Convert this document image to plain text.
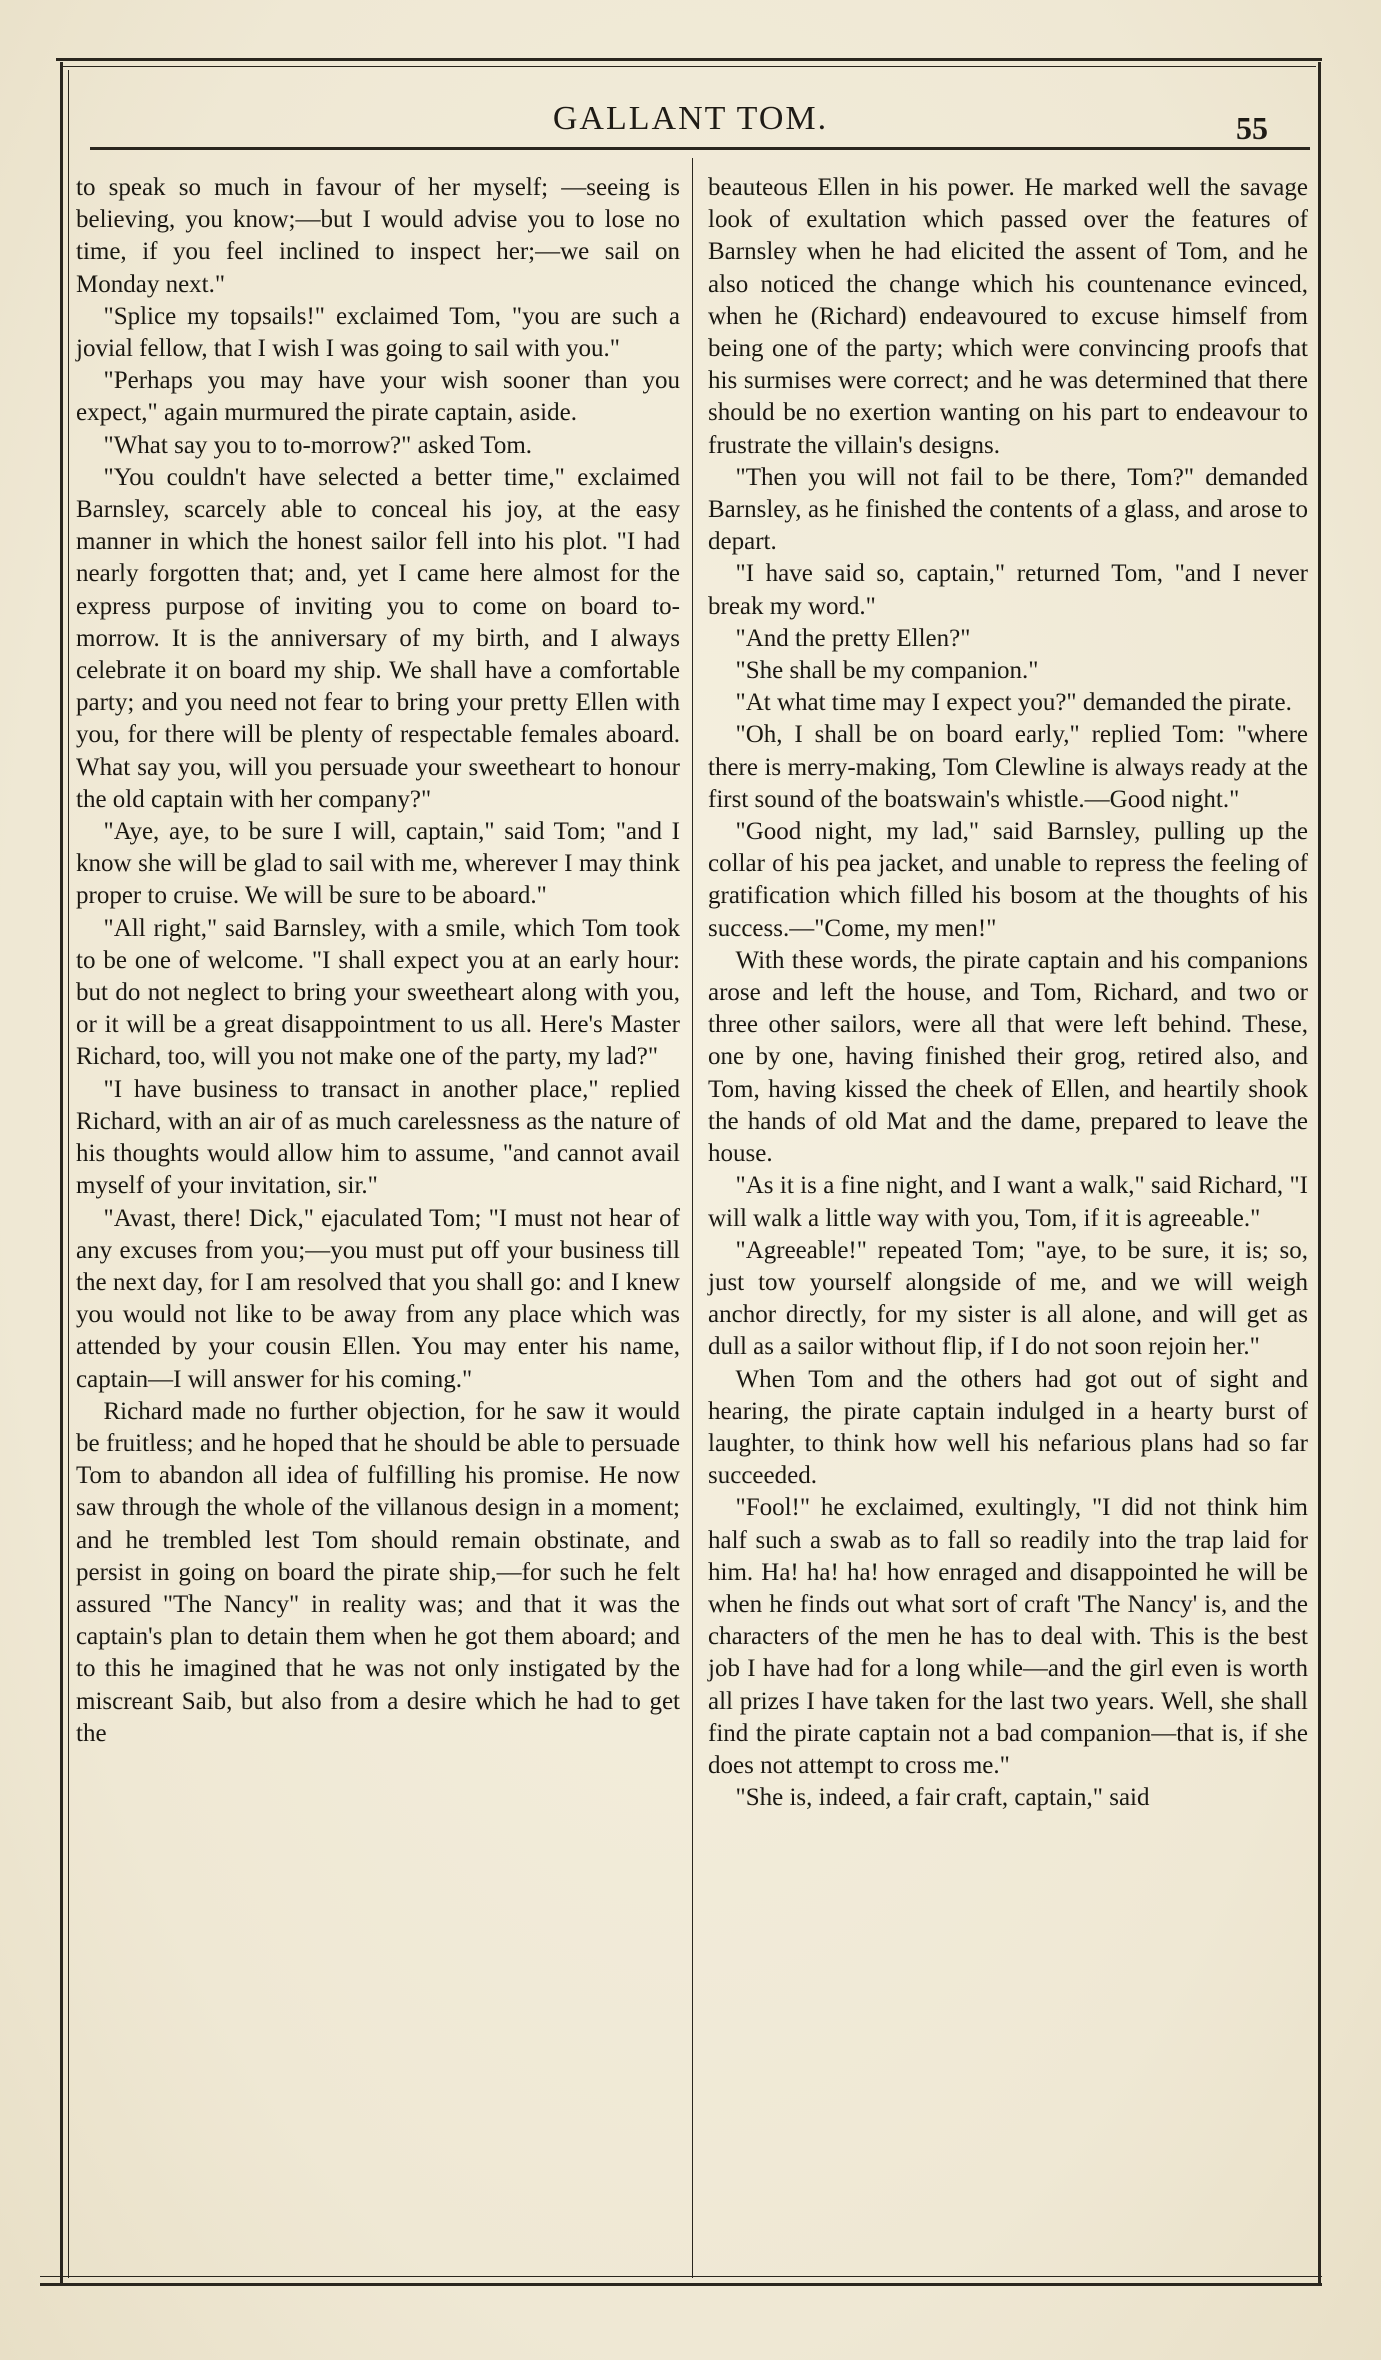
GALLANT TOM.	55

to speak so much in favour of her myself; —seeing is believing, you know;—but I would advise you to lose no time, if you feel inclined to inspect her;—we sail on Monday next."

"Splice my topsails!" exclaimed Tom, "you are such a jovial fellow, that I wish I was going to sail with you."

"Perhaps you may have your wish sooner than you expect," again murmured the pirate captain, aside.

"What say you to to-morrow?" asked Tom.

"You couldn't have selected a better time," exclaimed Barnsley, scarcely able to conceal his joy, at the easy manner in which the honest sailor fell into his plot. "I had nearly forgotten that; and, yet I came here almost for the express purpose of inviting you to come on board to-morrow. It is the anniversary of my birth, and I always celebrate it on board my ship. We shall have a comfortable party; and you need not fear to bring your pretty Ellen with you, for there will be plenty of respectable females aboard. What say you, will you persuade your sweetheart to honour the old captain with her company?"

"Aye, aye, to be sure I will, captain," said Tom; "and I know she will be glad to sail with me, wherever I may think proper to cruise. We will be sure to be aboard."

"All right," said Barnsley, with a smile, which Tom took to be one of welcome. "I shall expect you at an early hour: but do not neglect to bring your sweetheart along with you, or it will be a great disappointment to us all. Here's Master Richard, too, will you not make one of the party, my lad?"

"I have business to transact in another place," replied Richard, with an air of as much carelessness as the nature of his thoughts would allow him to assume, "and cannot avail myself of your invitation, sir."

"Avast, there! Dick," ejaculated Tom; "I must not hear of any excuses from you;—you must put off your business till the next day, for I am resolved that you shall go: and I knew you would not like to be away from any place which was attended by your cousin Ellen. You may enter his name, captain—I will answer for his coming."

Richard made no further objection, for he saw it would be fruitless; and he hoped that he should be able to persuade Tom to abandon all idea of fulfilling his promise. He now saw through the whole of the villanous design in a moment; and he trembled lest Tom should remain obstinate, and persist in going on board the pirate ship,—for such he felt assured "The Nancy" in reality was; and that it was the captain's plan to detain them when he got them aboard; and to this he imagined that he was not only instigated by the miscreant Saib, but also from a desire which he had to get the

beauteous Ellen in his power. He marked well the savage look of exultation which passed over the features of Barnsley when he had elicited the assent of Tom, and he also noticed the change which his countenance evinced, when he (Richard) endeavoured to excuse himself from being one of the party; which were convincing proofs that his surmises were correct; and he was determined that there should be no exertion wanting on his part to endeavour to frustrate the villain's designs.

"Then you will not fail to be there, Tom?" demanded Barnsley, as he finished the contents of a glass, and arose to depart.

"I have said so, captain," returned Tom, "and I never break my word."

"And the pretty Ellen?"

"She shall be my companion."

"At what time may I expect you?" demanded the pirate.

"Oh, I shall be on board early," replied Tom: "where there is merry-making, Tom Clewline is always ready at the first sound of the boatswain's whistle.—Good night."

"Good night, my lad," said Barnsley, pulling up the collar of his pea jacket, and unable to repress the feeling of gratification which filled his bosom at the thoughts of his success.—"Come, my men!"

With these words, the pirate captain and his companions arose and left the house, and Tom, Richard, and two or three other sailors, were all that were left behind. These, one by one, having finished their grog, retired also, and Tom, having kissed the cheek of Ellen, and heartily shook the hands of old Mat and the dame, prepared to leave the house.

"As it is a fine night, and I want a walk," said Richard, "I will walk a little way with you, Tom, if it is agreeable."

"Agreeable!" repeated Tom; "aye, to be sure, it is; so, just tow yourself alongside of me, and we will weigh anchor directly, for my sister is all alone, and will get as dull as a sailor without flip, if I do not soon rejoin her."

When Tom and the others had got out of sight and hearing, the pirate captain indulged in a hearty burst of laughter, to think how well his nefarious plans had so far succeeded.

"Fool!" he exclaimed, exultingly, "I did not think him half such a swab as to fall so readily into the trap laid for him. Ha! ha! ha! how enraged and disappointed he will be when he finds out what sort of craft 'The Nancy' is, and the characters of the men he has to deal with. This is the best job I have had for a long while—and the girl even is worth all prizes I have taken for the last two years. Well, she shall find the pirate captain not a bad companion—that is, if she does not attempt to cross me."

"She is, indeed, a fair craft, captain," said
